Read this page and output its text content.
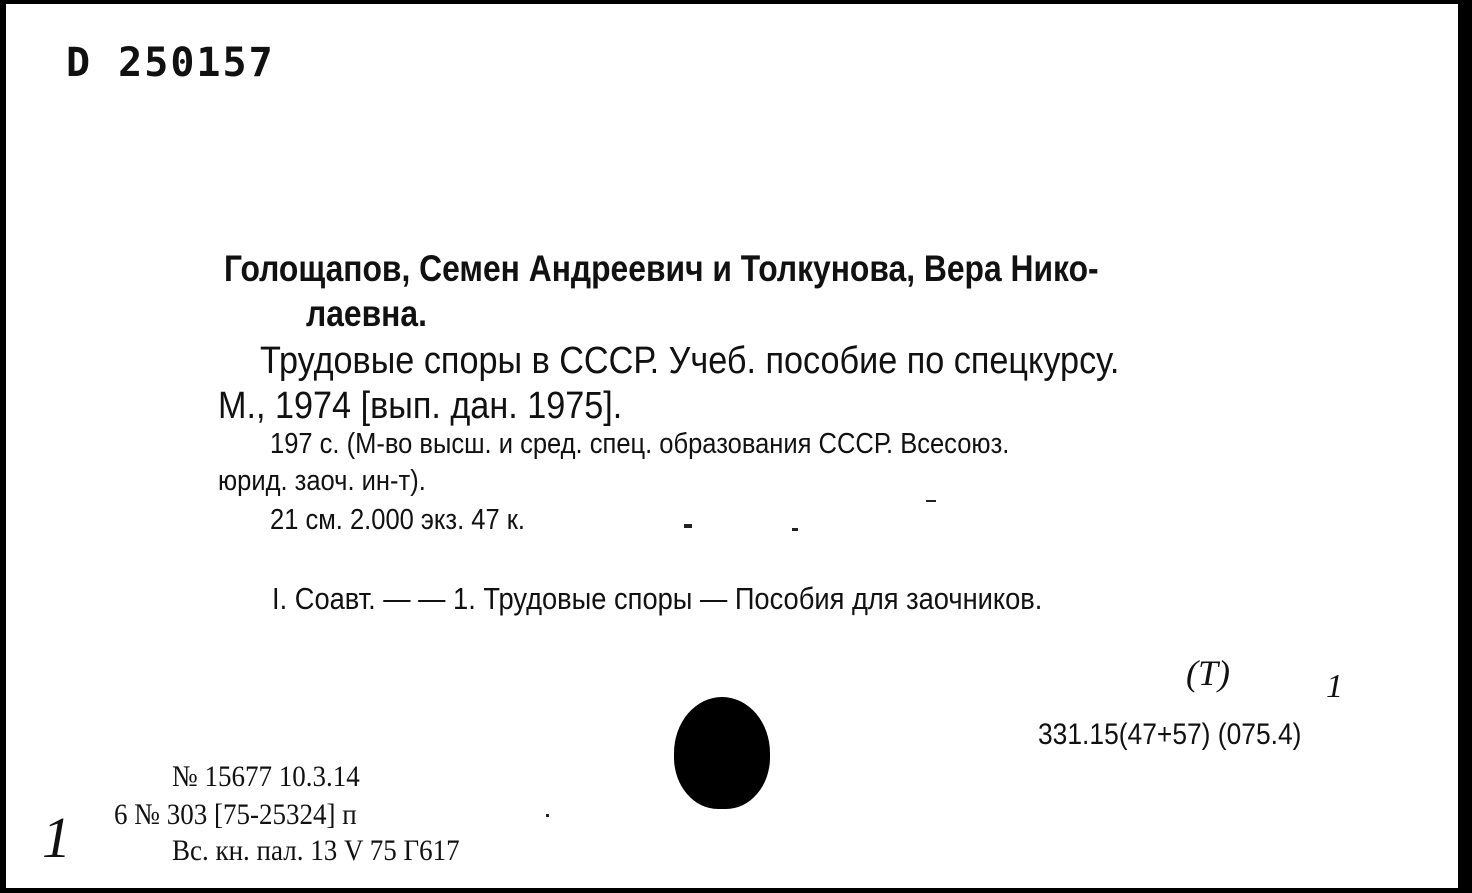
D 250157
Голощапов, Семен Андреевич и Толкунова, Вера Нико-
лаевна.
Трудовые споры в СССР. Учеб. пособие по спецкурсу.
М., 1974 [вып. дан. 1975].
197 с. (М-во высш. и сред. спец. образования СССР. Всесоюз.
юрид. заоч. ин-т).
21 см. 2.000 экз. 47 к.
I. Соавт. — — 1. Трудовые споры — Пособия для заочников.
331.15(47+57) (075.4)
(Т)	1
1
№ 15677 10.3.14
6 № 303 [75-25324] п
Вс. кн. пал. 13 V 75 Г617
